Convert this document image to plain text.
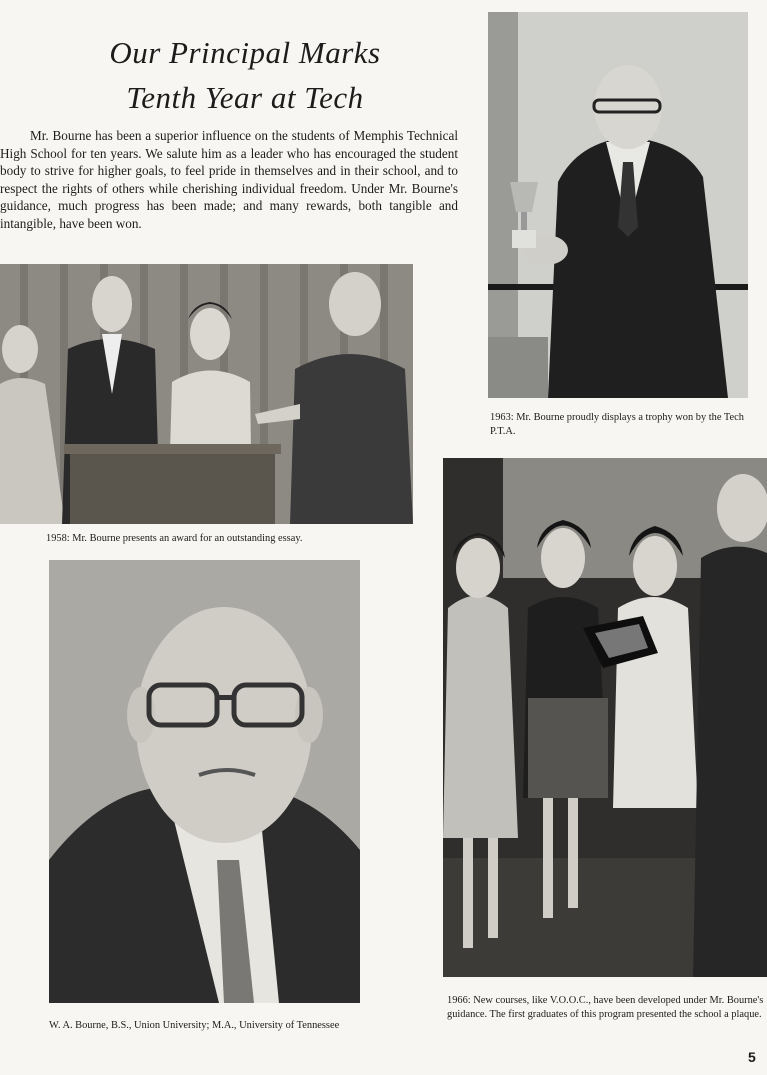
Our Principal Marks
Tenth Year at Tech

Mr. Bourne has been a superior influence on the students of Memphis Technical High School for ten years. We salute him as a leader who has encouraged the student body to strive for higher goals, to feel pride in themselves and in their school, and to respect the rights of others while cherishing individual freedom. Under Mr. Bourne's guidance, much progress has been made; and many rewards, both tangible and intangible, have been won.

1963: Mr. Bourne proudly displays a trophy won by the Tech P.T.A.
1958: Mr. Bourne presents an award for an outstanding essay.
W. A. Bourne, B.S., Union University; M.A., University of Tennessee
1966: New courses, like V.O.O.C., have been developed under Mr. Bourne's guidance. The first graduates of this program presented the school a plaque.
5
